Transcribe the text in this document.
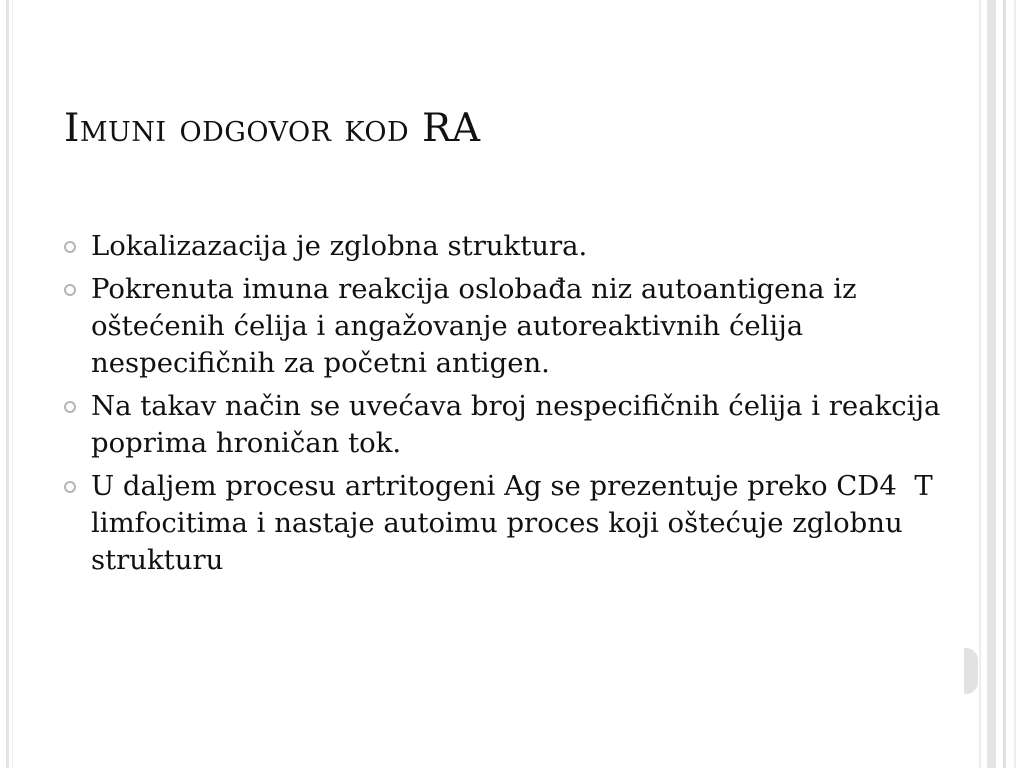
Imuni odgovor kod RA
Lokalizazacija je zglobna struktura.
Pokrenuta imuna reakcija oslobađa niz autoantigena iz oštećenih ćelija i angažovanje autoreaktivnih ćelija nespecifičnih za početni antigen.
Na takav način se uvećava broj nespecifičnih ćelija i reakcija poprima hroničan tok.
U daljem procesu artritogeni Ag se prezentuje preko CD4  T limfocitima i nastaje autoimu proces koji oštećuje zglobnu strukturu
